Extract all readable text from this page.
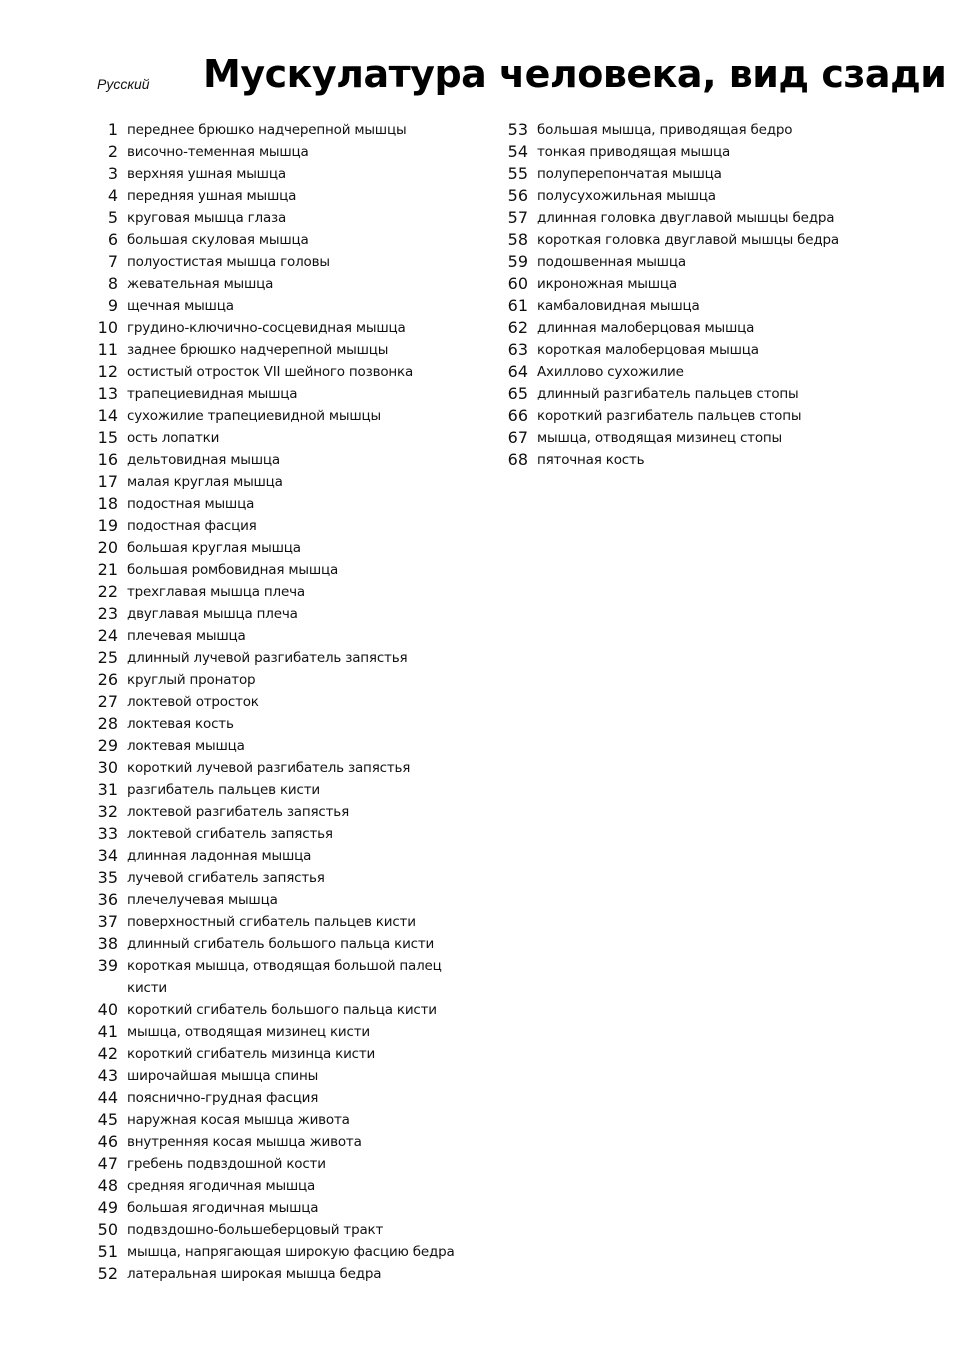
Русский Мускулатура человека, вид сзади
1 переднее брюшко надчерепной мышцы
2 височно-теменная мышца
3 верхняя ушная мышца
4 передняя ушная мышца
5 круговая мышца глаза
6 большая скуловая мышца
7 полуостистая мышца головы
8 жевательная мышца
9 щечная мышца
10 грудино-ключично-сосцевидная мышца
11 заднее брюшко надчерепной мышцы
12 остистый отросток VII шейного позвонка
13 трапециевидная мышца
14 сухожилие трапециевидной мышцы
15 ость лопатки
16 дельтовидная мышца
17 малая круглая мышца
18 подостная мышца
19 подостная фасция
20 большая круглая мышца
21 большая ромбовидная мышца
22 трехглавая мышца плеча
23 двуглавая мышца плеча
24 плечевая мышца
25 длинный лучевой разгибатель запястья
26 круглый пронатор
27 локтевой отросток
28 локтевая кость
29 локтевая мышца
30 короткий лучевой разгибатель запястья
31 разгибатель пальцев кисти
32 локтевой разгибатель запястья
33 локтевой сгибатель запястья
34 длинная ладонная мышца
35 лучевой сгибатель запястья
36 плечелучевая мышца
37 поверхностный сгибатель пальцев кисти
38 длинный сгибатель большого пальца кисти
39 короткая мышца, отводящая большой палец кисти
40 короткий сгибатель большого пальца кисти
41 мышца, отводящая мизинец кисти
42 короткий сгибатель мизинца кисти
43 широчайшая мышца спины
44 пояснично-грудная фасция
45 наружная косая мышца живота
46 внутренняя косая мышца живота
47 гребень подвздошной кости
48 средняя ягодичная мышца
49 большая ягодичная мышца
50 подвздошно-большеберцовый тракт
51 мышца, напрягающая широкую фасцию бедра
52 латеральная широкая мышца бедра
53 большая мышца, приводящая бедро
54 тонкая приводящая мышца
55 полуперепончатая мышца
56 полусухожильная мышца
57 длинная головка двуглавой мышцы бедра
58 короткая головка двуглавой мышцы бедра
59 подошвенная мышца
60 икроножная мышца
61 камбаловидная мышца
62 длинная малоберцовая мышца
63 короткая малоберцовая мышца
64 Ахиллово сухожилие
65 длинный разгибатель пальцев стопы
66 короткий разгибатель пальцев стопы
67 мышца, отводящая мизинец стопы
68 пяточная кость
